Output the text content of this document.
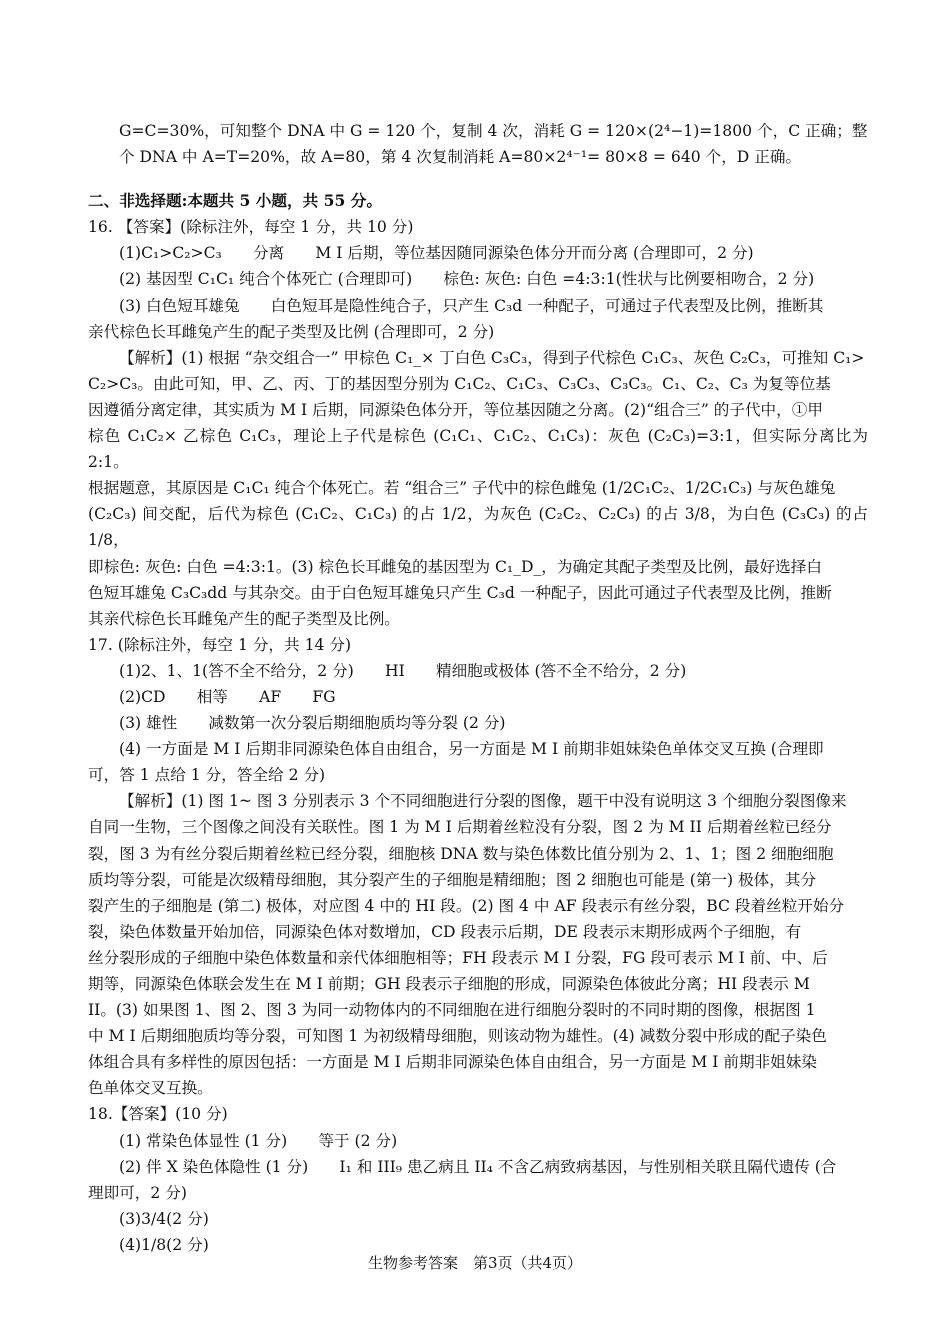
G=C=30%，可知整个 DNA 中 G = 120 个，复制 4 次，消耗 G = 120×(2⁴−1)=1800 个，C 正确；整
个 DNA 中 A=T=20%，故 A=80，第 4 次复制消耗 A=80×2⁴⁻¹= 80×8 = 640 个，D 正确。
二、非选择题:本题共 5 小题，共 55 分。
16. 【答案】(除标注外，每空 1 分，共 10 分)
(1)C₁>C₂>C₃　　分离　　M I 后期，等位基因随同源染色体分开而分离 (合理即可，2 分)
(2) 基因型 C₁C₁ 纯合个体死亡 (合理即可)　　棕色: 灰色: 白色 =4:3:1(性状与比例要相吻合，2 分)
(3) 白色短耳雄兔　　白色短耳是隐性纯合子，只产生 C₃d 一种配子，可通过子代表型及比例，推断其
亲代棕色长耳雌兔产生的配子类型及比例 (合理即可，2 分)
【解析】(1) 根据 “杂交组合一” 甲棕色 C₁_× 丁白色 C₃C₃，得到子代棕色 C₁C₃、灰色 C₂C₃，可推知 C₁>
C₂>C₃。由此可知，甲、乙、丙、丁的基因型分别为 C₁C₂、C₁C₃、C₃C₃、C₃C₃。C₁、C₂、C₃ 为复等位基
因遵循分离定律，其实质为 M I 后期，同源染色体分开，等位基因随之分离。(2)“组合三” 的子代中，①甲
棕色 C₁C₂× 乙棕色 C₁C₃，理论上子代是棕色 (C₁C₁、C₁C₂、C₁C₃)：灰色 (C₂C₃)=3:1，但实际分离比为 2:1。
根据题意，其原因是 C₁C₁ 纯合个体死亡。若 “组合三” 子代中的棕色雌兔 (1/2C₁C₂、1/2C₁C₃) 与灰色雄兔
(C₂C₃) 间交配，后代为棕色 (C₁C₂、C₁C₃) 的占 1/2，为灰色 (C₂C₂、C₂C₃) 的占 3/8，为白色 (C₃C₃) 的占 1/8，
即棕色: 灰色: 白色 =4:3:1。(3) 棕色长耳雌兔的基因型为 C₁_D_，为确定其配子类型及比例，最好选择白
色短耳雄兔 C₃C₃dd 与其杂交。由于白色短耳雄兔只产生 C₃d 一种配子，因此可通过子代表型及比例，推断
其亲代棕色长耳雌兔产生的配子类型及比例。
17. (除标注外，每空 1 分，共 14 分)
(1)2、1、1(答不全不给分，2 分)　　HI　　精细胞或极体 (答不全不给分，2 分)
(2)CD　　相等　　AF　　FG
(3) 雄性　　减数第一次分裂后期细胞质均等分裂 (2 分)
(4) 一方面是 M I 后期非同源染色体自由组合，另一方面是 M I 前期非姐妹染色单体交叉互换 (合理即
可，答 1 点给 1 分，答全给 2 分)
【解析】(1) 图 1~ 图 3 分别表示 3 个不同细胞进行分裂的图像，题干中没有说明这 3 个细胞分裂图像来
自同一生物，三个图像之间没有关联性。图 1 为 M I 后期着丝粒没有分裂，图 2 为 M II 后期着丝粒已经分
裂，图 3 为有丝分裂后期着丝粒已经分裂，细胞核 DNA 数与染色体数比值分别为 2、1、1；图 2 细胞细胞
质均等分裂，可能是次级精母细胞，其分裂产生的子细胞是精细胞；图 2 细胞也可能是 (第一) 极体，其分
裂产生的子细胞是 (第二) 极体，对应图 4 中的 HI 段。(2) 图 4 中 AF 段表示有丝分裂，BC 段着丝粒开始分
裂，染色体数量开始加倍，同源染色体对数增加，CD 段表示后期，DE 段表示末期形成两个子细胞，有
丝分裂形成的子细胞中染色体数量和亲代体细胞相等；FH 段表示 M I 分裂，FG 段可表示 M I 前、中、后
期等，同源染色体联会发生在 M I 前期；GH 段表示子细胞的形成，同源染色体彼此分离；HI 段表示 M
II。(3) 如果图 1、图 2、图 3 为同一动物体内的不同细胞在进行细胞分裂时的不同时期的图像，根据图 1
中 M I 后期细胞质均等分裂，可知图 1 为初级精母细胞，则该动物为雄性。(4) 减数分裂中形成的配子染色
体组合具有多样性的原因包括：一方面是 M I 后期非同源染色体自由组合，另一方面是 M I 前期非姐妹染
色单体交叉互换。
18.【答案】(10 分)
(1) 常染色体显性 (1 分)　　等于 (2 分)
(2) 伴 X 染色体隐性 (1 分)　　I₁ 和 III₉ 患乙病且 II₄ 不含乙病致病基因，与性别相关联且隔代遗传 (合
理即可，2 分)
(3)3/4(2 分)
(4)1/8(2 分)
生物参考答案　第3页（共4页）
